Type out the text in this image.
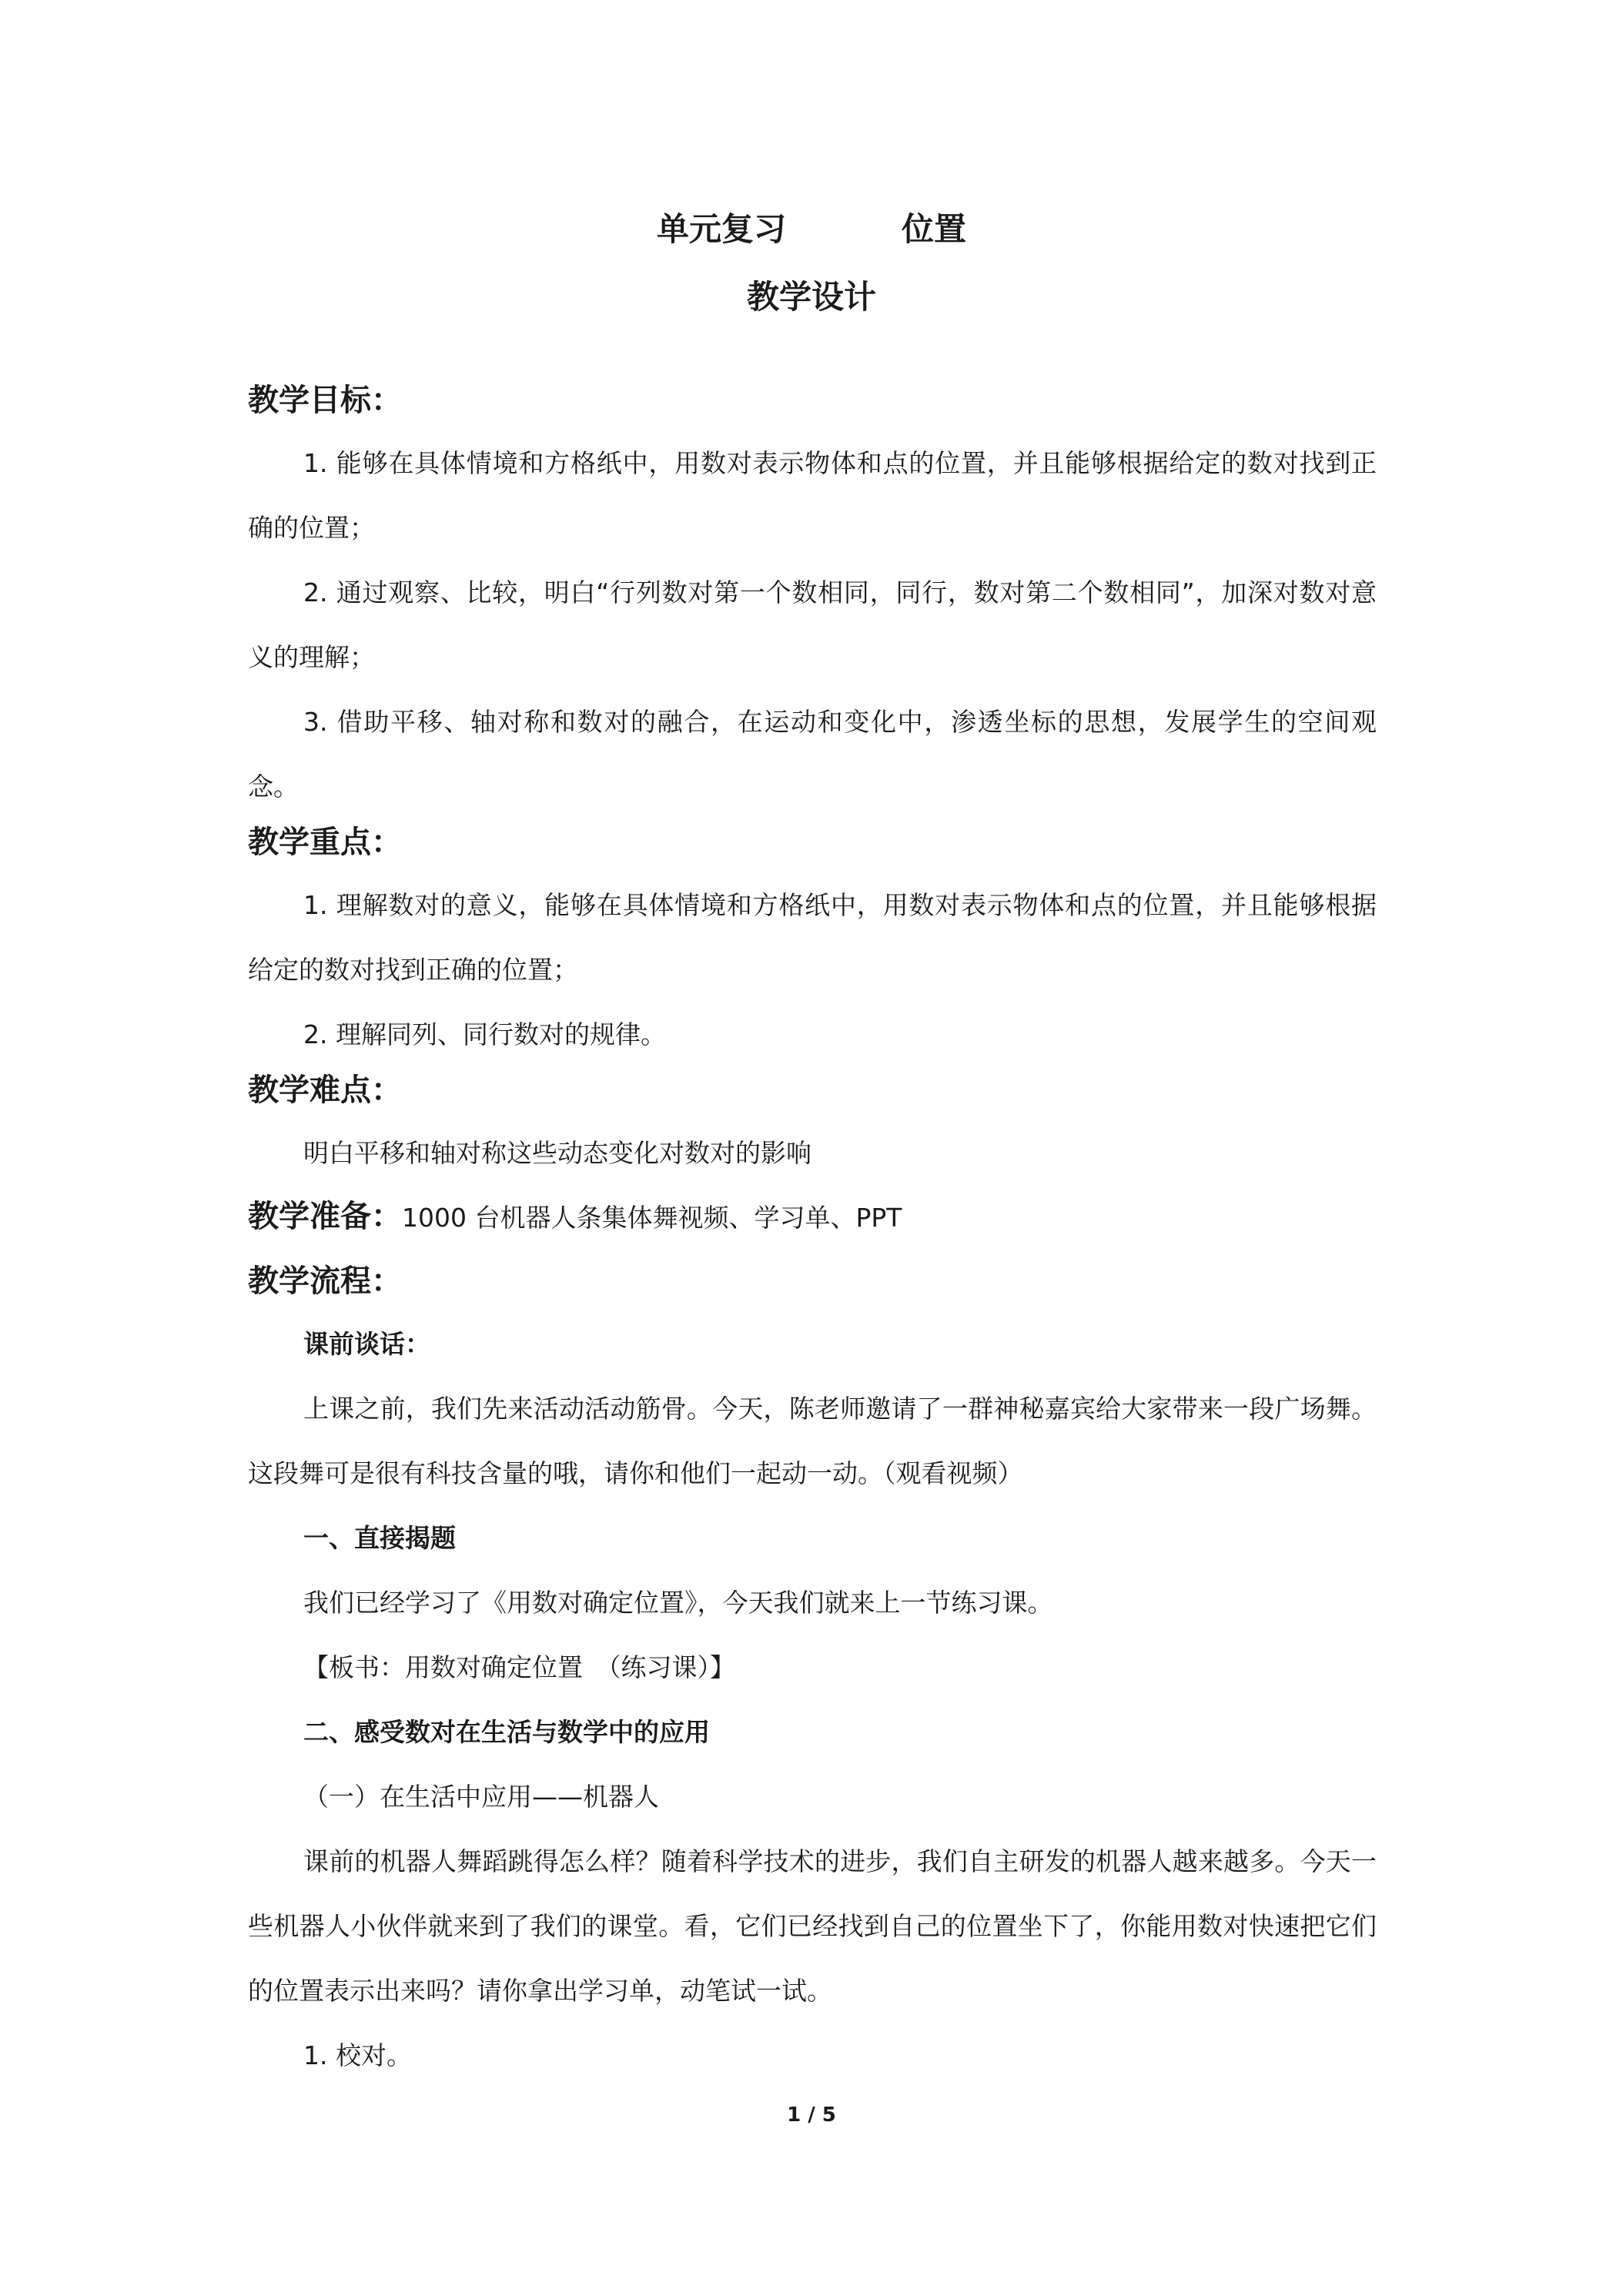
单元复习	位置
教学设计

教学目标：

1. 能够在具体情境和方格纸中，用数对表示物体和点的位置，并且能够根据给定的数对找到正确的位置；

2. 通过观察、比较，明白“行列数对第一个数相同，同行，数对第二个数相同”，加深对数对意义的理解；

3. 借助平移、轴对称和数对的融合，在运动和变化中，渗透坐标的思想，发展学生的空间观念。

教学重点：

1. 理解数对的意义，能够在具体情境和方格纸中，用数对表示物体和点的位置，并且能够根据给定的数对找到正确的位置；

2. 理解同列、同行数对的规律。

教学难点：

明白平移和轴对称这些动态变化对数对的影响

教学准备：1000 台机器人条集体舞视频、学习单、PPT

教学流程：

课前谈话：

上课之前，我们先来活动活动筋骨。今天，陈老师邀请了一群神秘嘉宾给大家带来一段广场舞。这段舞可是很有科技含量的哦，请你和他们一起动一动。（观看视频）

一、直接揭题

我们已经学习了《用数对确定位置》，今天我们就来上一节练习课。

【板书：用数对确定位置　（练习课）】

二、感受数对在生活与数学中的应用

（一）在生活中应用——机器人

课前的机器人舞蹈跳得怎么样？随着科学技术的进步，我们自主研发的机器人越来越多。今天一些机器人小伙伴就来到了我们的课堂。看，它们已经找到自己的位置坐下了，你能用数对快速把它们的位置表示出来吗？请你拿出学习单，动笔试一试。

1. 校对。

1 / 5
